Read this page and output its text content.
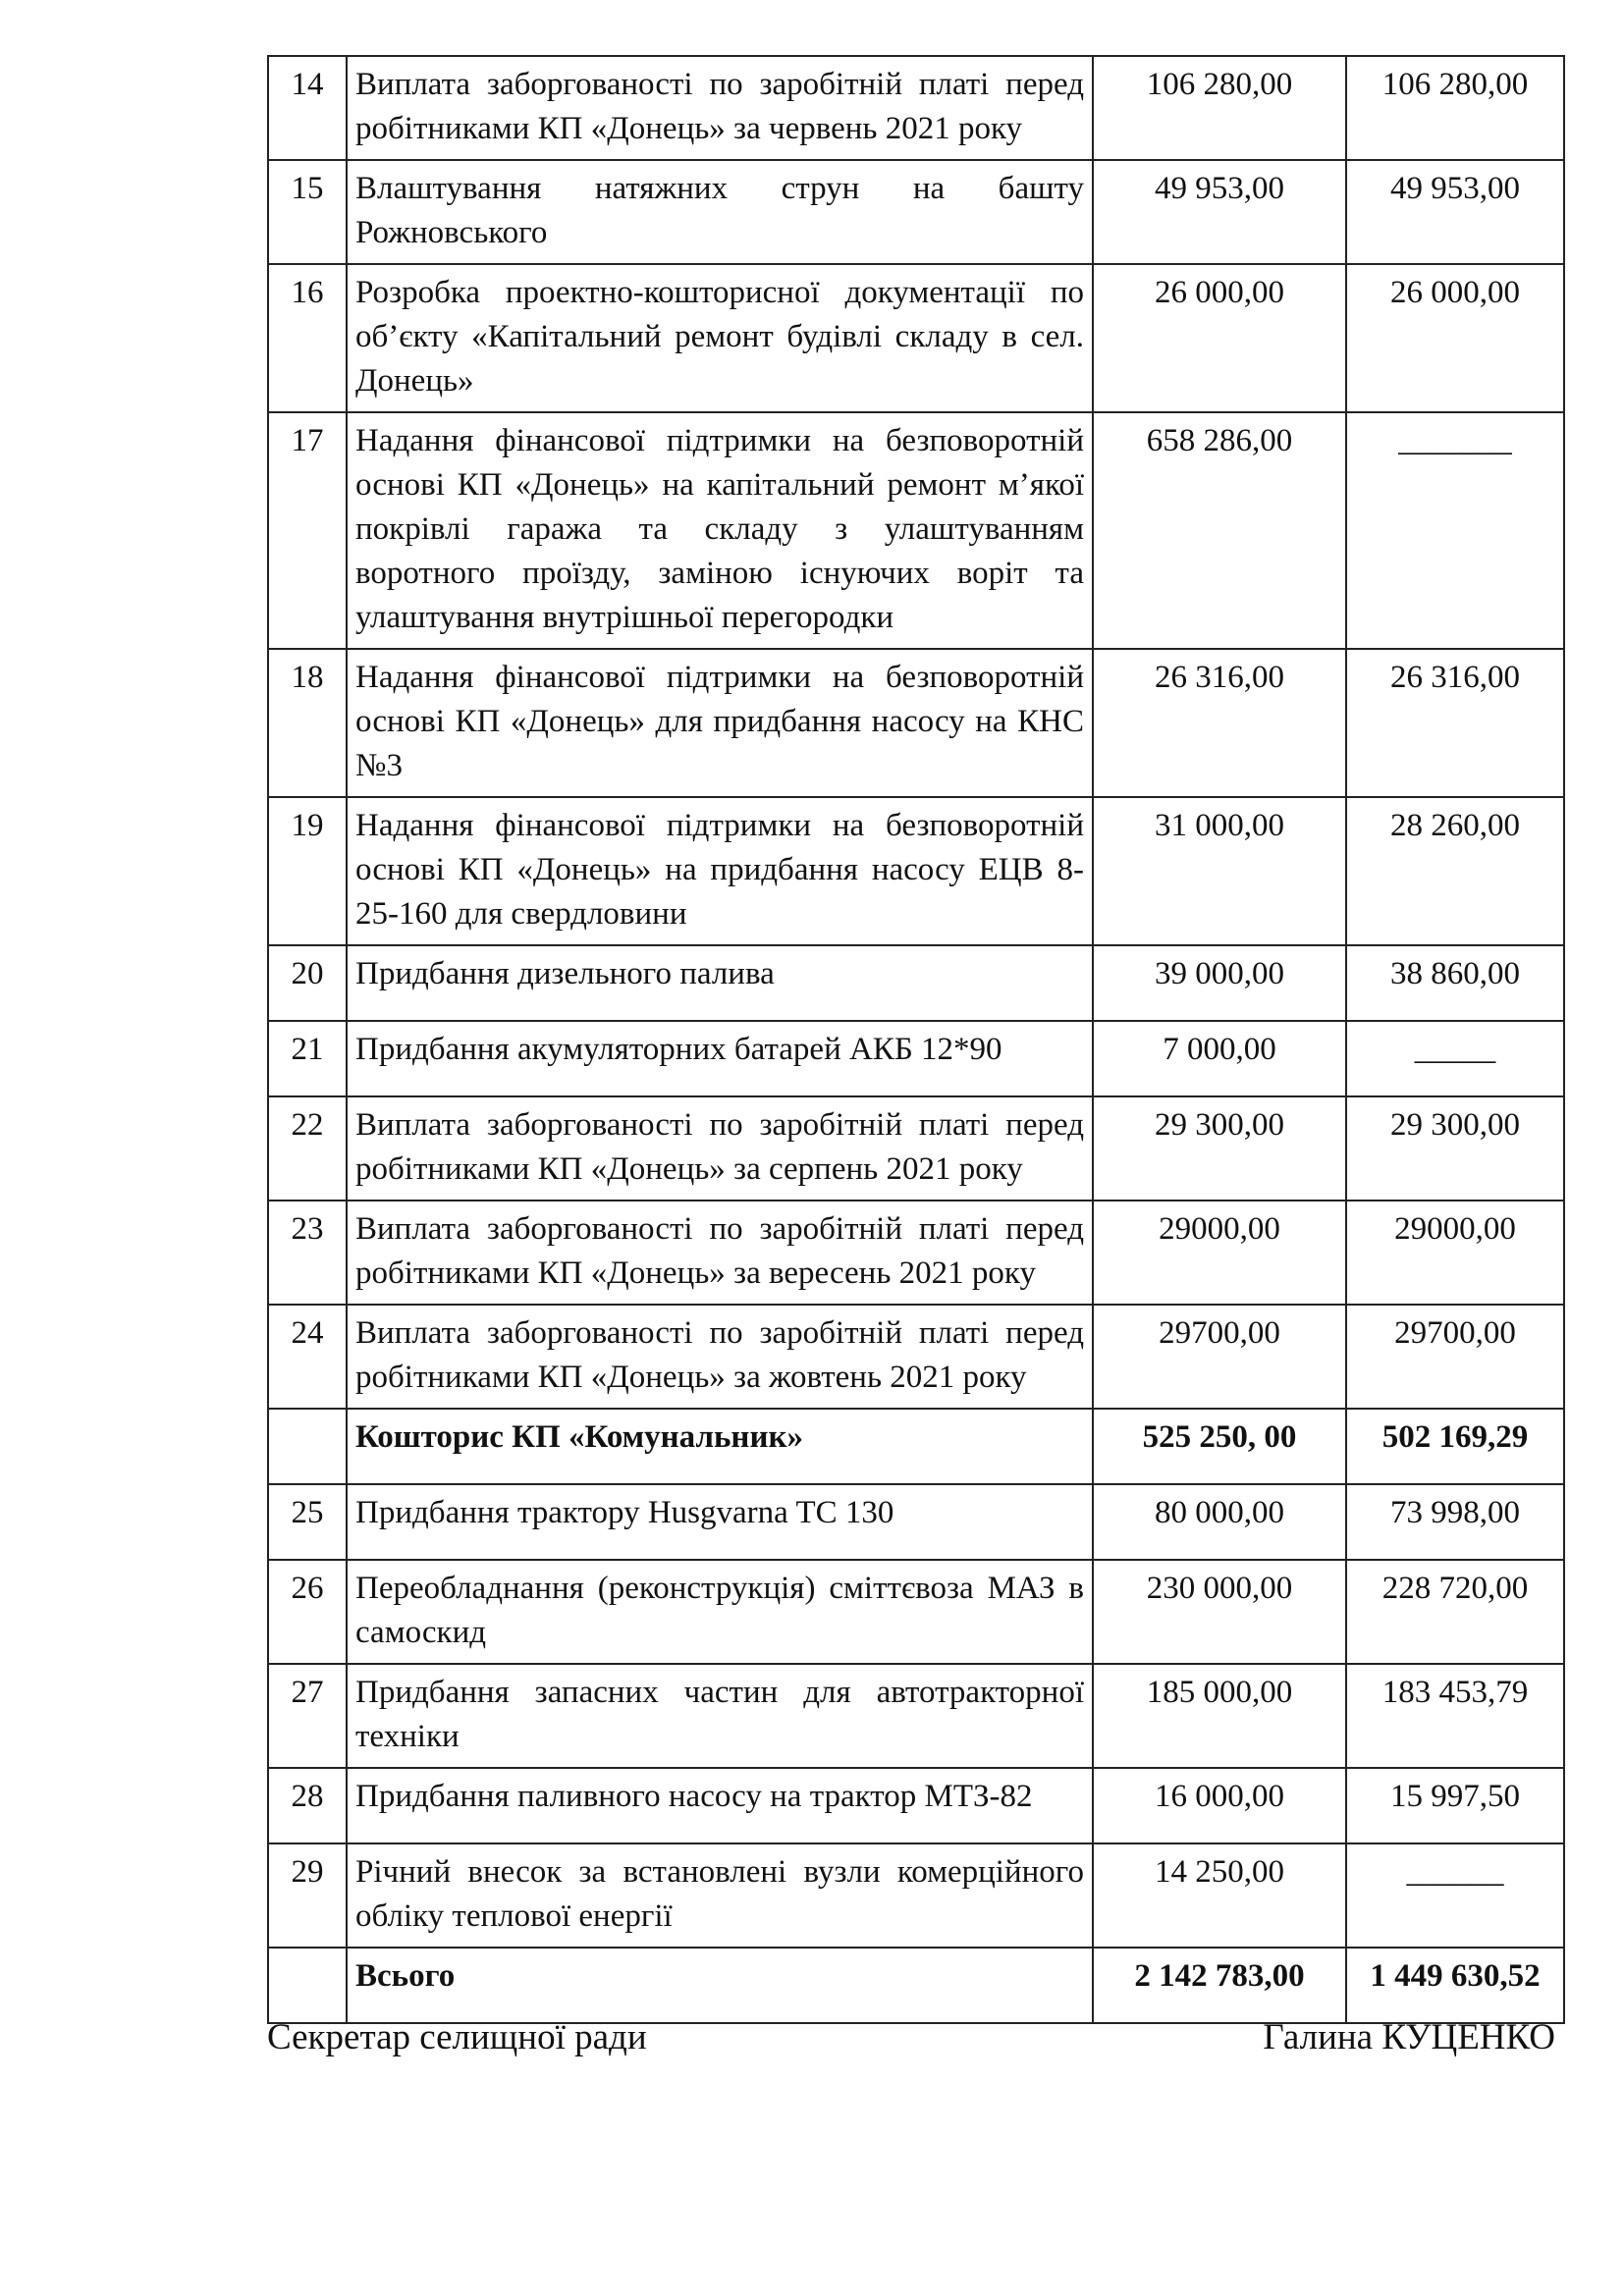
14	Виплата заборгованості по заробітній платі перед робітниками КП «Донець» за червень 2021 року	106 280,00	106 280,00
15	Влаштування натяжних струн на башту Рожновського	49 953,00	49 953,00
16	Розробка проектно-кошторисної документації по об’єкту «Капітальний ремонт будівлі складу в сел. Донець»	26 000,00	26 000,00
17	Надання фінансової підтримки на безповоротній основі КП «Донець» на капітальний ремонт м’якої покрівлі гаража та складу з улаштуванням воротного проїзду, заміною існуючих воріт та улаштування внутрішньої перегородки	658 286,00	_______
18	Надання фінансової підтримки на безповоротній основі КП «Донець» для придбання насосу на КНС №3	26 316,00	26 316,00
19	Надання фінансової підтримки на безповоротній основі КП «Донець» на придбання насосу ЕЦВ 8-25-160 для свердловини	31 000,00	28 260,00
20	Придбання дизельного палива	39 000,00	38 860,00
21	Придбання акумуляторних батарей АКБ 12*90	7 000,00	_____
22	Виплата заборгованості по заробітній платі перед робітниками КП «Донець» за серпень 2021 року	29 300,00	29 300,00
23	Виплата заборгованості по заробітній платі перед робітниками КП «Донець» за вересень 2021 року	29000,00	29000,00
24	Виплата заборгованості по заробітній платі перед робітниками КП «Донець» за жовтень 2021 року	29700,00	29700,00
	Кошторис КП «Комунальник»	525 250, 00	502 169,29
25	Придбання трактору Husgvarna TC 130	80 000,00	73 998,00
26	Переобладнання (реконструкція) сміттєвоза МАЗ в самоскид	230 000,00	228 720,00
27	Придбання запасних частин для автотракторної техніки	185 000,00	183 453,79
28	Придбання паливного насосу на трактор МТЗ-82	16 000,00	15 997,50
29	Річний внесок за встановлені вузли комерційного обліку теплової енергії	14 250,00	______
	Всього	2 142 783,00	1 449 630,52
Секретар селищної ради	Галина КУЦЕНКО
